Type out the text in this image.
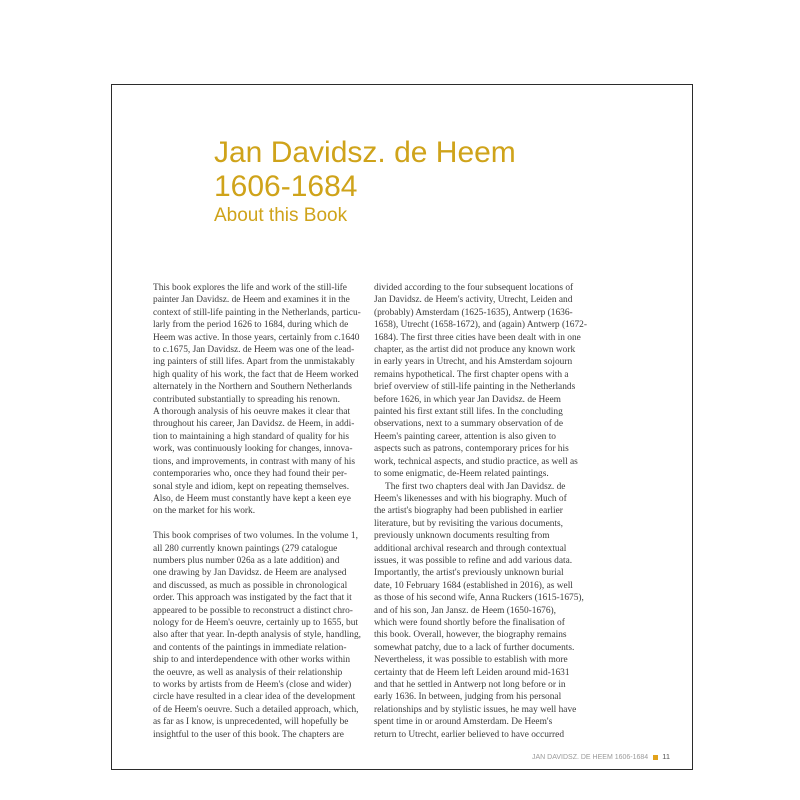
Jan Davidsz. de Heem
1606-1684
About this Book

This book explores the life and work of the still-life
painter Jan Davidsz. de Heem and examines it in the
context of still-life painting in the Netherlands, particu-
larly from the period 1626 to 1684, during which de
Heem was active. In those years, certainly from c.1640
to c.1675, Jan Davidsz. de Heem was one of the lead-
ing painters of still lifes. Apart from the unmistakably
high quality of his work, the fact that de Heem worked
alternately in the Northern and Southern Netherlands
contributed substantially to spreading his renown.
A thorough analysis of his oeuvre makes it clear that
throughout his career, Jan Davidsz. de Heem, in addi-
tion to maintaining a high standard of quality for his
work, was continuously looking for changes, innova-
tions, and improvements, in contrast with many of his
contemporaries who, once they had found their per-
sonal style and idiom, kept on repeating themselves.
Also, de Heem must constantly have kept a keen eye
on the market for his work.

This book comprises of two volumes. In the volume 1,
all 280 currently known paintings (279 catalogue
numbers plus number 026a as a late addition) and
one drawing by Jan Davidsz. de Heem are analysed
and discussed, as much as possible in chronological
order. This approach was instigated by the fact that it
appeared to be possible to reconstruct a distinct chro-
nology for de Heem's oeuvre, certainly up to 1655, but
also after that year. In-depth analysis of style, handling,
and contents of the paintings in immediate relation-
ship to and interdependence with other works within
the oeuvre, as well as analysis of their relationship
to works by artists from de Heem's (close and wider)
circle have resulted in a clear idea of the development
of de Heem's oeuvre. Such a detailed approach, which,
as far as I know, is unprecedented, will hopefully be
insightful to the user of this book. The chapters are

divided according to the four subsequent locations of
Jan Davidsz. de Heem's activity, Utrecht, Leiden and
(probably) Amsterdam (1625-1635), Antwerp (1636-
1658), Utrecht (1658-1672), and (again) Antwerp (1672-
1684). The first three cities have been dealt with in one
chapter, as the artist did not produce any known work
in early years in Utrecht, and his Amsterdam sojourn
remains hypothetical. The first chapter opens with a
brief overview of still-life painting in the Netherlands
before 1626, in which year Jan Davidsz. de Heem
painted his first extant still lifes. In the concluding
observations, next to a summary observation of de
Heem's painting career, attention is also given to
aspects such as patrons, contemporary prices for his
work, technical aspects, and studio practice, as well as
to some enigmatic, de-Heem related paintings.

The first two chapters deal with Jan Davidsz. de
Heem's likenesses and with his biography. Much of
the artist's biography had been published in earlier
literature, but by revisiting the various documents,
previously unknown documents resulting from
additional archival research and through contextual
issues, it was possible to refine and add various data.
Importantly, the artist's previously unknown burial
date, 10 February 1684 (established in 2016), as well
as those of his second wife, Anna Ruckers (1615-1675),
and of his son, Jan Jansz. de Heem (1650-1676),
which were found shortly before the finalisation of
this book. Overall, however, the biography remains
somewhat patchy, due to a lack of further documents.
Nevertheless, it was possible to establish with more
certainty that de Heem left Leiden around mid-1631
and that he settled in Antwerp not long before or in
early 1636. In between, judging from his personal
relationships and by stylistic issues, he may well have
spent time in or around Amsterdam. De Heem's
return to Utrecht, earlier believed to have occurred

JAN DAVIDSZ. DE HEEM 1606-1684 11
